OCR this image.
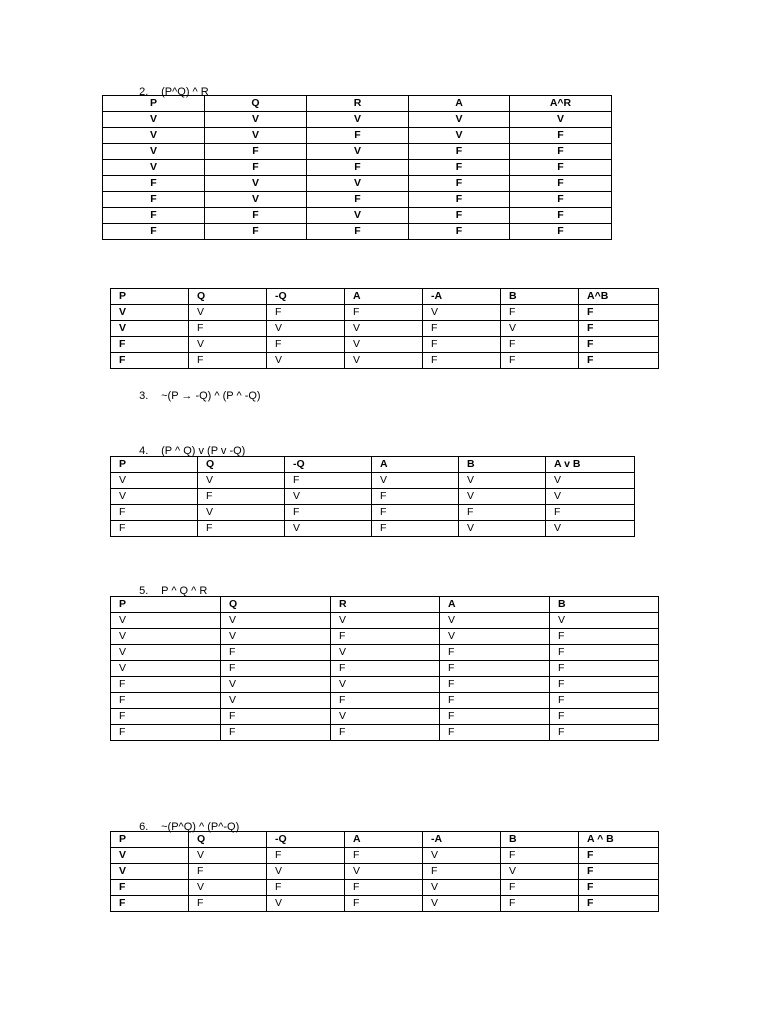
2. (P^Q) ^ R

P	Q	R	A	A^R
V	V	V	V	V
V	V	F	V	F
V	F	V	F	F
V	F	F	F	F
F	V	V	F	F
F	V	F	F	F
F	F	V	F	F
F	F	F	F	F
P	Q	-Q	A	-A	B	A^B
V	V	F	F	V	F	F
V	F	V	V	F	V	F
F	V	F	V	F	F	F
F	F	V	V	F	F	F

3. ~(P → -Q) ^ (P ^ -Q)

4. (P ^ Q) v (P v -Q)

P	Q	-Q	A	B	A v B
V	V	F	V	V	V
V	F	V	F	V	V
F	V	F	F	F	F
F	F	V	F	V	V

5. P ^ Q ^ R

P	Q	R	A	B
V	V	V	V	V
V	V	F	V	F
V	F	V	F	F
V	F	F	F	F
F	V	V	F	F
F	V	F	F	F
F	F	V	F	F
F	F	F	F	F

6. ~(P^Q) ^ (P^-Q)

P	Q	-Q	A	-A	B	A ^ B
V	V	F	F	V	F	F
V	F	V	V	F	V	F
F	V	F	F	V	F	F
F	F	V	F	V	F	F
